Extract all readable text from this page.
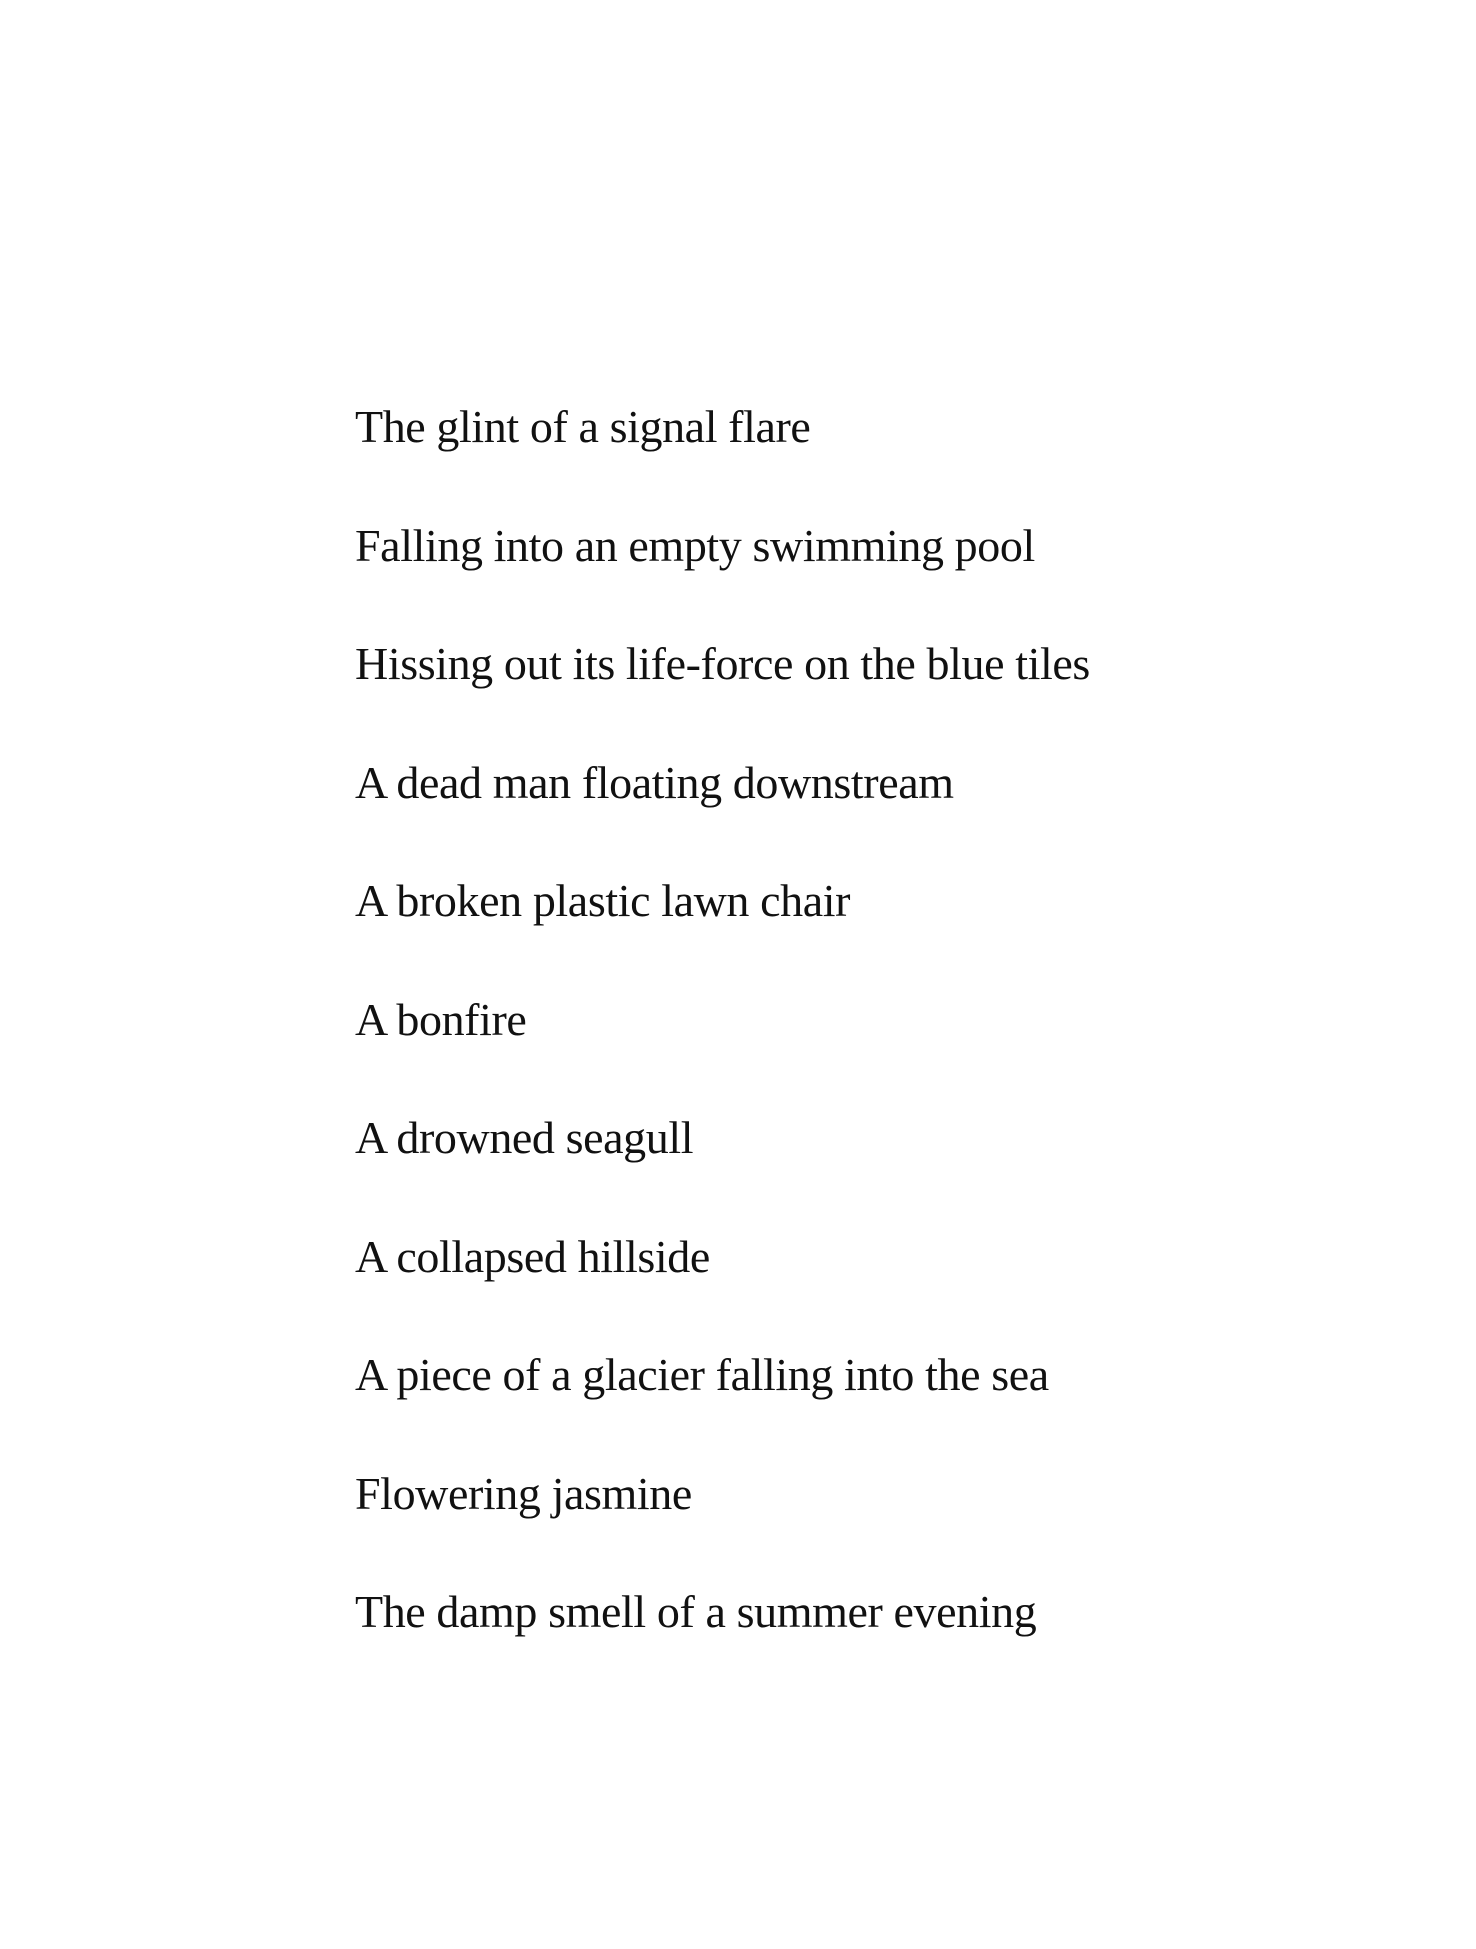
The glint of a signal flare
Falling into an empty swimming pool
Hissing out its life-force on the blue tiles
A dead man floating downstream
A broken plastic lawn chair
A bonfire
A drowned seagull
A collapsed hillside
A piece of a glacier falling into the sea
Flowering jasmine
The damp smell of a summer evening
